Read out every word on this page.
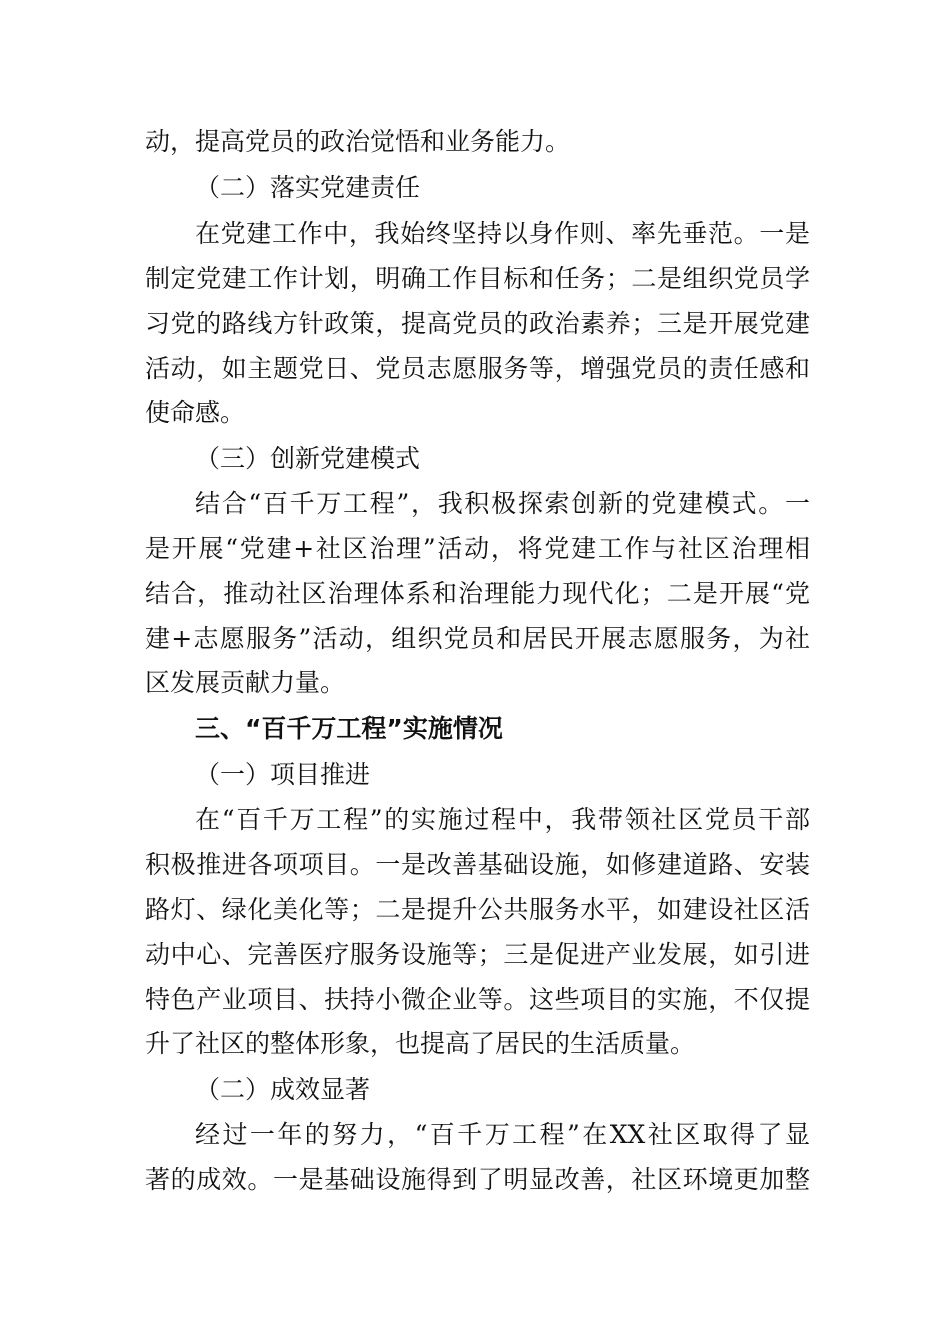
动，提高党员的政治觉悟和业务能力。
（二）落实党建责任
在党建工作中，我始终坚持以身作则、率先垂范。一是
制定党建工作计划，明确工作目标和任务；二是组织党员学
习党的路线方针政策，提高党员的政治素养；三是开展党建
活动，如主题党日、党员志愿服务等，增强党员的责任感和
使命感。
（三）创新党建模式
结合“百千万工程”，我积极探索创新的党建模式。一
是开展“党建+社区治理”活动，将党建工作与社区治理相
结合，推动社区治理体系和治理能力现代化；二是开展“党
建+志愿服务”活动，组织党员和居民开展志愿服务，为社
区发展贡献力量。
三、“百千万工程”实施情况
（一）项目推进
在“百千万工程”的实施过程中，我带领社区党员干部
积极推进各项项目。一是改善基础设施，如修建道路、安装
路灯、绿化美化等；二是提升公共服务水平，如建设社区活
动中心、完善医疗服务设施等；三是促进产业发展，如引进
特色产业项目、扶持小微企业等。这些项目的实施，不仅提
升了社区的整体形象，也提高了居民的生活质量。
（二）成效显著
经过一年的努力，“百千万工程”在XX社区取得了显
著的成效。一是基础设施得到了明显改善，社区环境更加整
